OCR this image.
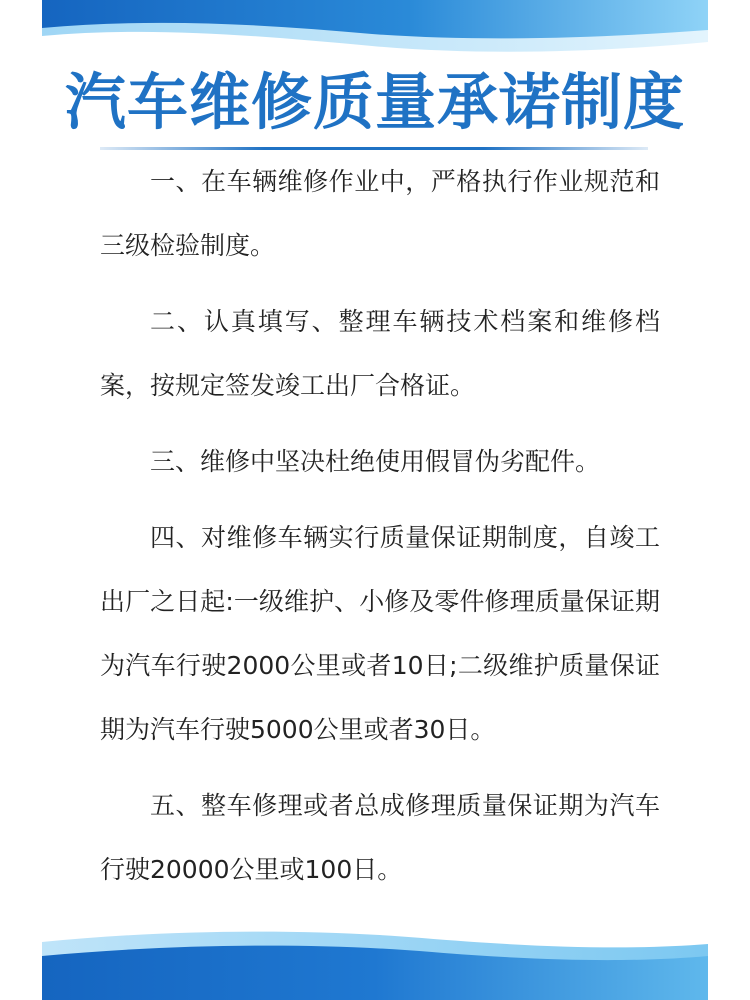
汽车维修质量承诺制度

一、在车辆维修作业中，严格执行作业规范和三级检验制度。

二、认真填写、整理车辆技术档案和维修档案，按规定签发竣工出厂合格证。

三、维修中坚决杜绝使用假冒伪劣配件。

四、对维修车辆实行质量保证期制度，自竣工出厂之日起:一级维护、小修及零件修理质量保证期为汽车行驶2000公里或者10日;二级维护质量保证期为汽车行驶5000公里或者30日。

五、整车修理或者总成修理质量保证期为汽车行驶20000公里或100日。
